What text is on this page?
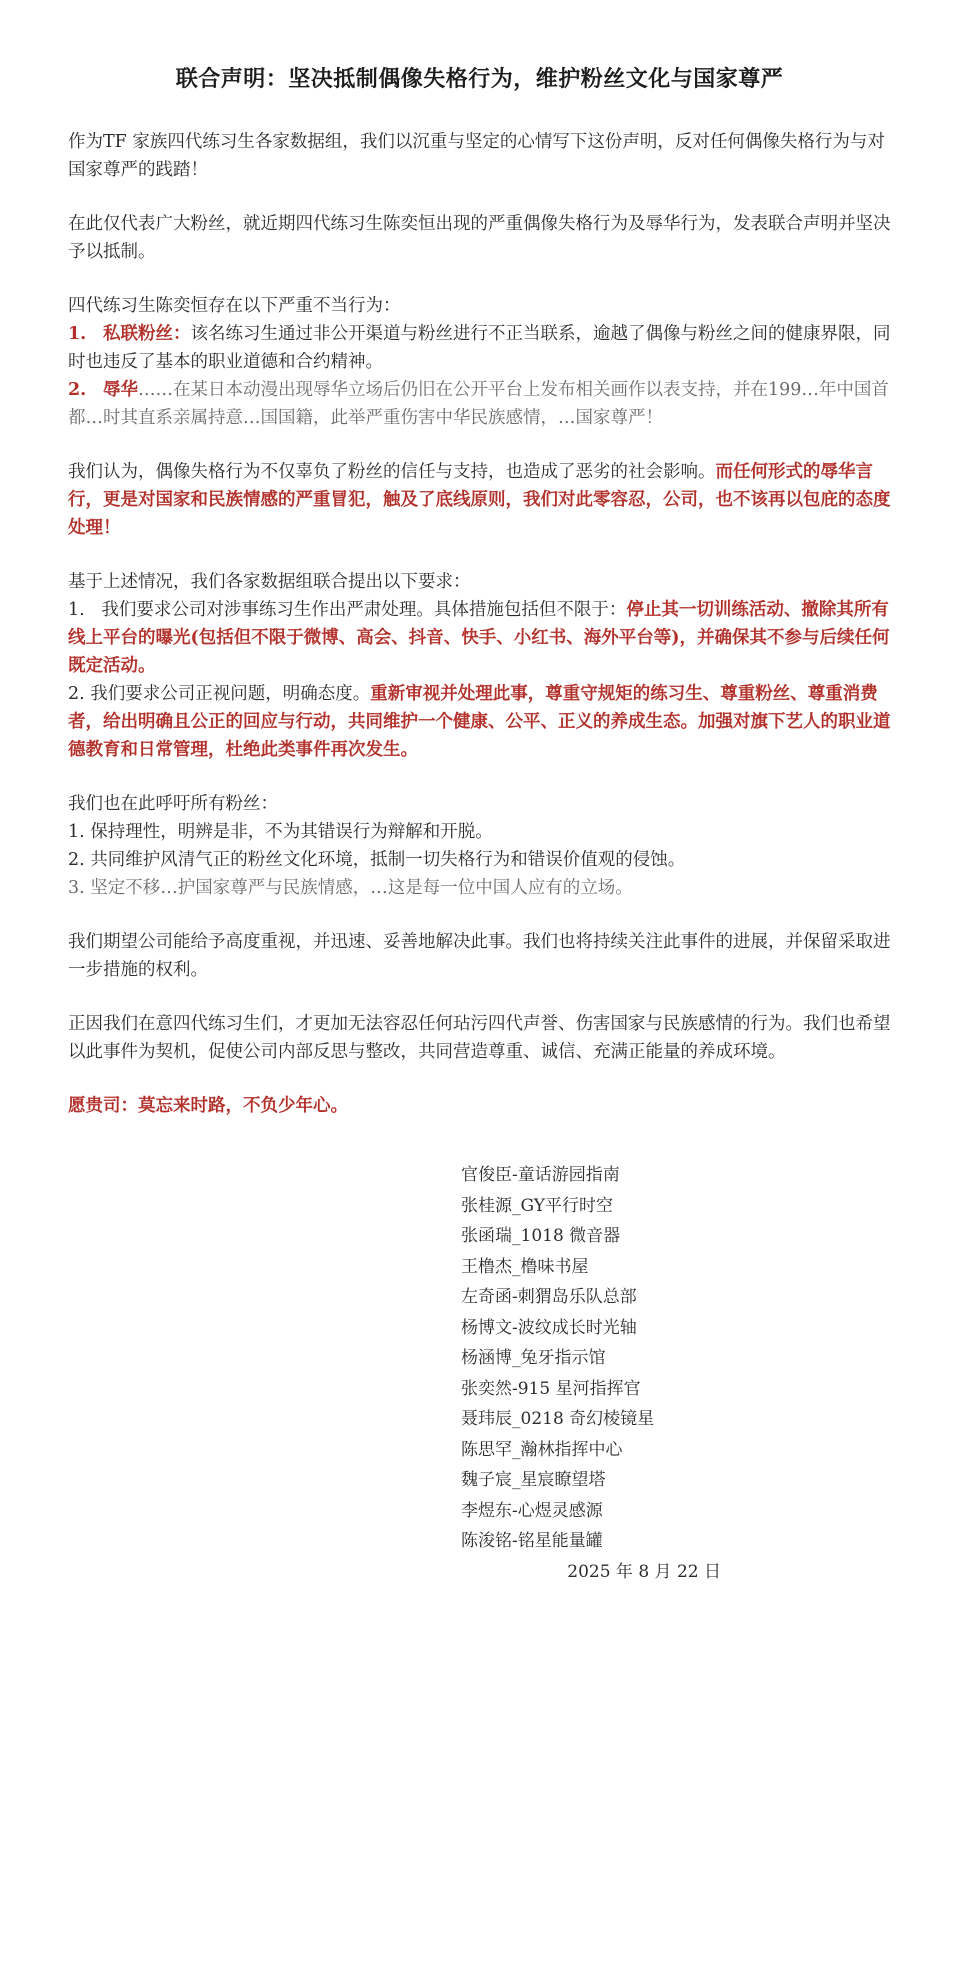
联合声明：坚决抵制偶像失格行为，维护粉丝文化与国家尊严

作为TF 家族四代练习生各家数据组，我们以沉重与坚定的心情写下这份声明，反对任何偶像失格行为与对国家尊严的践踏！

在此仅代表广大粉丝，就近期四代练习生陈奕恒出现的严重偶像失格行为及辱华行为，发表联合声明并坚决予以抵制。

四代练习生陈奕恒存在以下严重不当行为：

1. 私联粉丝：该名练习生通过非公开渠道与粉丝进行不正当联系，逾越了偶像与粉丝之间的健康界限，同时也违反了基本的职业道德和合约精神。

2. 辱华……在某日本动漫出现辱华立场后仍旧在公开平台上发布相关画作以表支持，并在199…年中国首都…时其直系亲属持意…国国籍，此举严重伤害中华民族感情，…国家尊严！

我们认为，偶像失格行为不仅辜负了粉丝的信任与支持，也造成了恶劣的社会影响。而任何形式的辱华言行，更是对国家和民族情感的严重冒犯，触及了底线原则，我们对此零容忍，公司，也不该再以包庇的态度处理！

基于上述情况，我们各家数据组联合提出以下要求：

1. 我们要求公司对涉事练习生作出严肃处理。具体措施包括但不限于：停止其一切训练活动、撤除其所有线上平台的曝光(包括但不限于微博、高会、抖音、快手、小红书、海外平台等)，并确保其不参与后续任何既定活动。

2. 我们要求公司正视问题，明确态度。重新审视并处理此事，尊重守规矩的练习生、尊重粉丝、尊重消费者，给出明确且公正的回应与行动，共同维护一个健康、公平、正义的养成生态。加强对旗下艺人的职业道德教育和日常管理，杜绝此类事件再次发生。

我们也在此呼吁所有粉丝：

1. 保持理性，明辨是非，不为其错误行为辩解和开脱。

2. 共同维护风清气正的粉丝文化环境，抵制一切失格行为和错误价值观的侵蚀。

3. 坚定不移…护国家尊严与民族情感，…这是每一位中国人应有的立场。

我们期望公司能给予高度重视，并迅速、妥善地解决此事。我们也将持续关注此事件的进展，并保留采取进一步措施的权利。

正因我们在意四代练习生们，才更加无法容忍任何玷污四代声誉、伤害国家与民族感情的行为。我们也希望以此事件为契机，促使公司内部反思与整改，共同营造尊重、诚信、充满正能量的养成环境。

愿贵司：莫忘来时路，不负少年心。
官俊臣-童话游园指南
张桂源_GY平行时空
张函瑞_1018 微音器
王橹杰_橹味书屋
左奇函-刺猬岛乐队总部
杨博文-波纹成长时光轴
杨涵博_兔牙指示馆
张奕然-915 星河指挥官
聂玮辰_0218 奇幻棱镜星
陈思罕_瀚林指挥中心
魏子宸_星宸瞭望塔
李煜东-心煜灵感源
陈浚铭-铭星能量罐
2025 年 8 月 22 日
